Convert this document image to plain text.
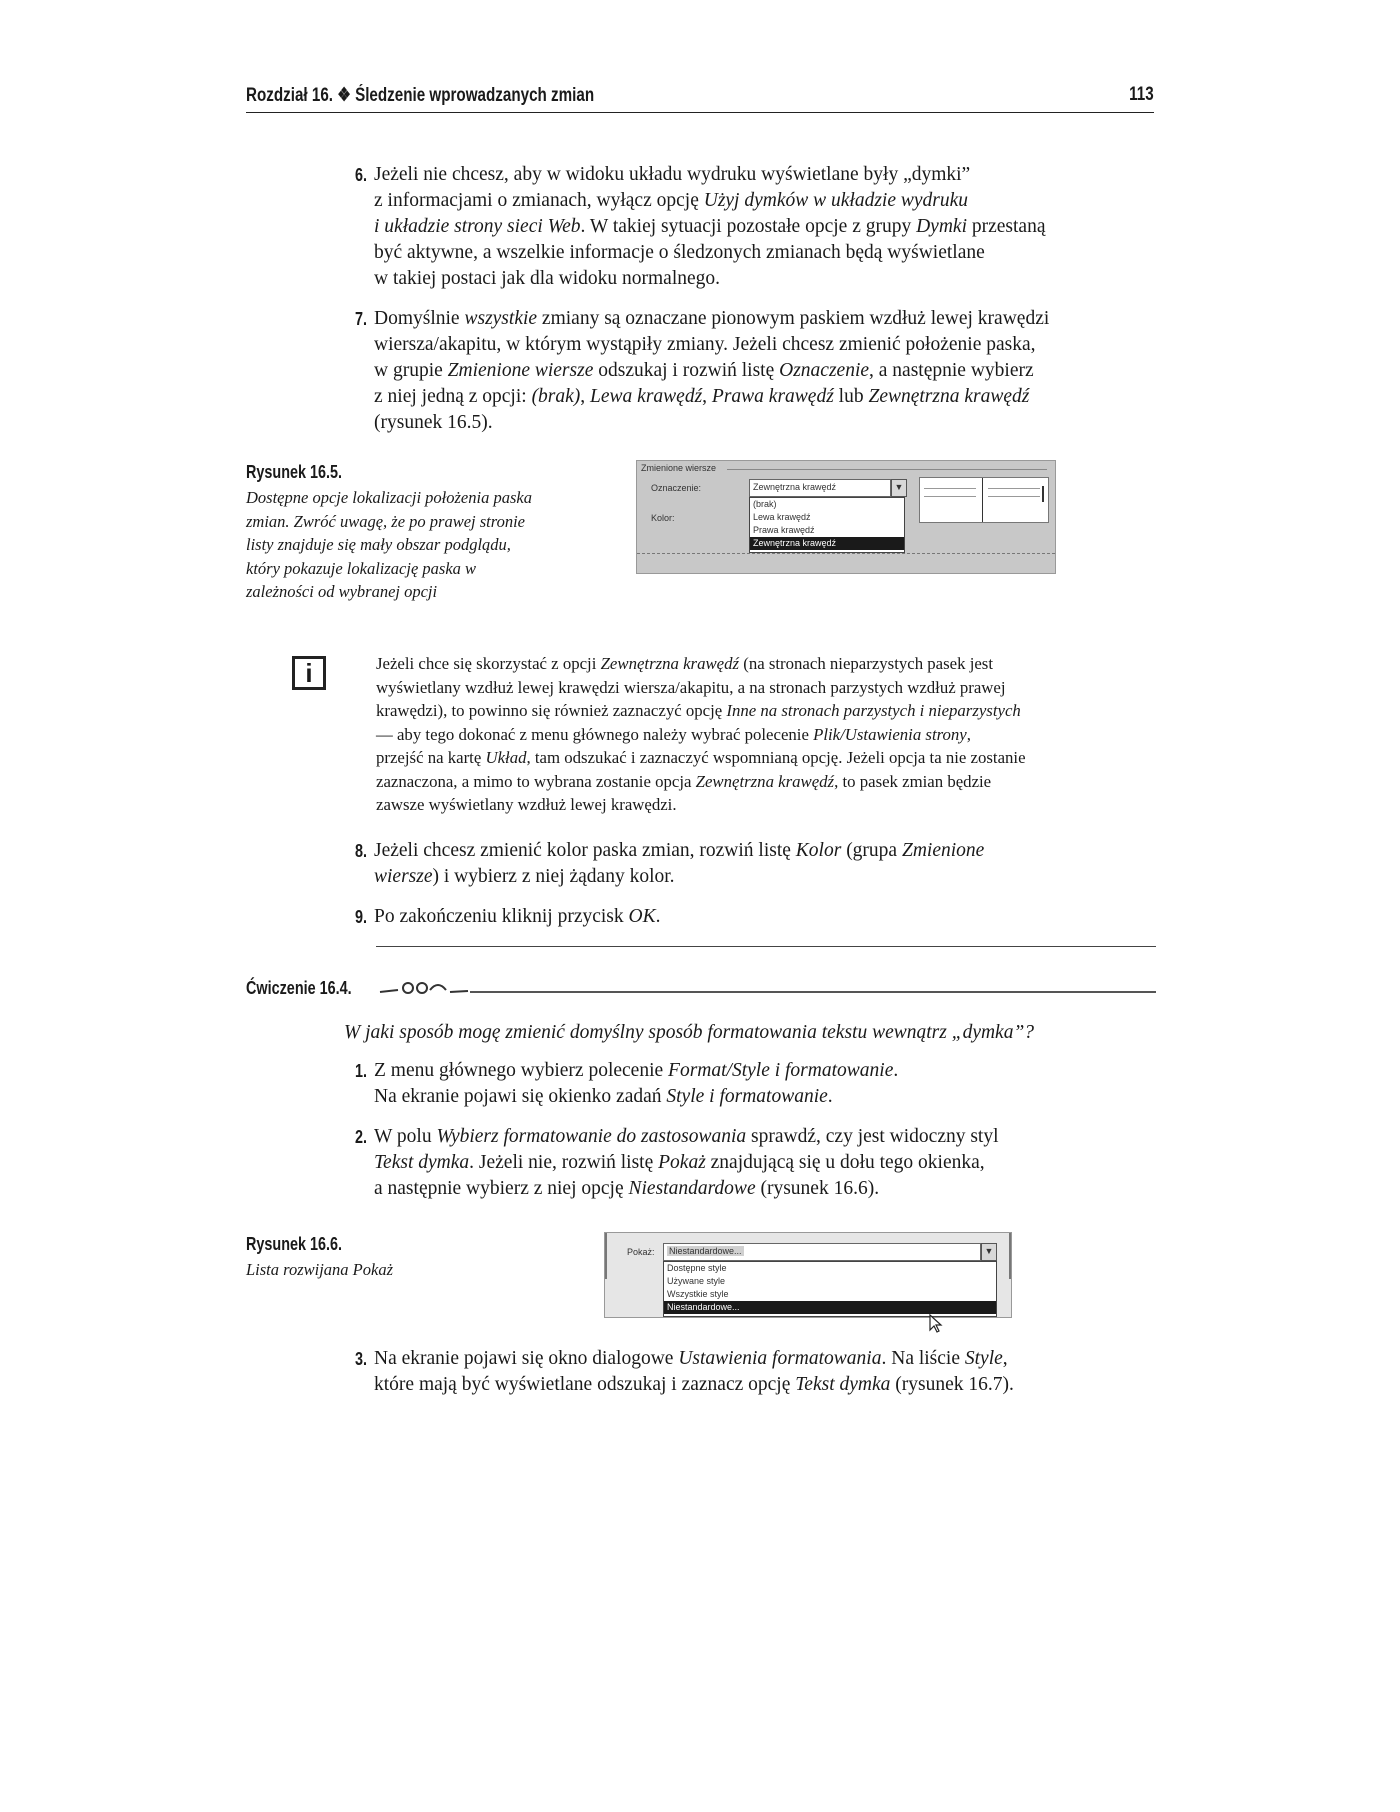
Rozdział 16. ❖ Śledzenie wprowadzanych zmian	113
6. Jeżeli nie chcesz, aby w widoku układu wydruku wyświetlane były „dymki”
z informacjami o zmianach, wyłącz opcję Użyj dymków w układzie wydruku
i układzie strony sieci Web. W takiej sytuacji pozostałe opcje z grupy Dymki przestaną
być aktywne, a wszelkie informacje o śledzonych zmianach będą wyświetlane
w takiej postaci jak dla widoku normalnego.
7. Domyślnie wszystkie zmiany są oznaczane pionowym paskiem wzdłuż lewej krawędzi
wiersza/akapitu, w którym wystąpiły zmiany. Jeżeli chcesz zmienić położenie paska,
w grupie Zmienione wiersze odszukaj i rozwiń listę Oznaczenie, a następnie wybierz
z niej jedną z opcji: (brak), Lewa krawędź, Prawa krawędź lub Zewnętrzna krawędź
(rysunek 16.5).
Rysunek 16.5.
Dostępne opcje lokalizacji położenia paska zmian. Zwróć uwagę, że po prawej stronie listy znajduje się mały obszar podglądu, który pokazuje lokalizację paska w zależności od wybranej opcji
Zmienione wiersze
Oznaczenie:
Kolor:
Zewnętrzna krawędź	▼
(brak)
Lewa krawędź
Prawa krawędź
Zewnętrzna krawędź
i	Jeżeli chce się skorzystać z opcji Zewnętrzna krawędź (na stronach nieparzystych pasek jest
wyświetlany wzdłuż lewej krawędzi wiersza/akapitu, a na stronach parzystych wzdłuż prawej
krawędzi), to powinno się również zaznaczyć opcję Inne na stronach parzystych i nieparzystych
— aby tego dokonać z menu głównego należy wybrać polecenie Plik/Ustawienia strony,
przejść na kartę Układ, tam odszukać i zaznaczyć wspomnianą opcję. Jeżeli opcja ta nie zostanie
zaznaczona, a mimo to wybrana zostanie opcja Zewnętrzna krawędź, to pasek zmian będzie
zawsze wyświetlany wzdłuż lewej krawędzi.
8. Jeżeli chcesz zmienić kolor paska zmian, rozwiń listę Kolor (grupa Zmienione
wiersze) i wybierz z niej żądany kolor.
9. Po zakończeniu kliknij przycisk OK.
Ćwiczenie 16.4.
W jaki sposób mogę zmienić domyślny sposób formatowania tekstu wewnątrz „dymka”?
1. Z menu głównego wybierz polecenie Format/Style i formatowanie.
Na ekranie pojawi się okienko zadań Style i formatowanie.
2. W polu Wybierz formatowanie do zastosowania sprawdź, czy jest widoczny styl
Tekst dymka. Jeżeli nie, rozwiń listę Pokaż znajdującą się u dołu tego okienka,
a następnie wybierz z niej opcję Niestandardowe (rysunek 16.6).
Rysunek 16.6.
Lista rozwijana Pokaż
Pokaż: Niestandardowe...	▼
Dostępne style
Używane style
Wszystkie style
Niestandardowe...
3. Na ekranie pojawi się okno dialogowe Ustawienia formatowania. Na liście Style,
które mają być wyświetlane odszukaj i zaznacz opcję Tekst dymka (rysunek 16.7).
